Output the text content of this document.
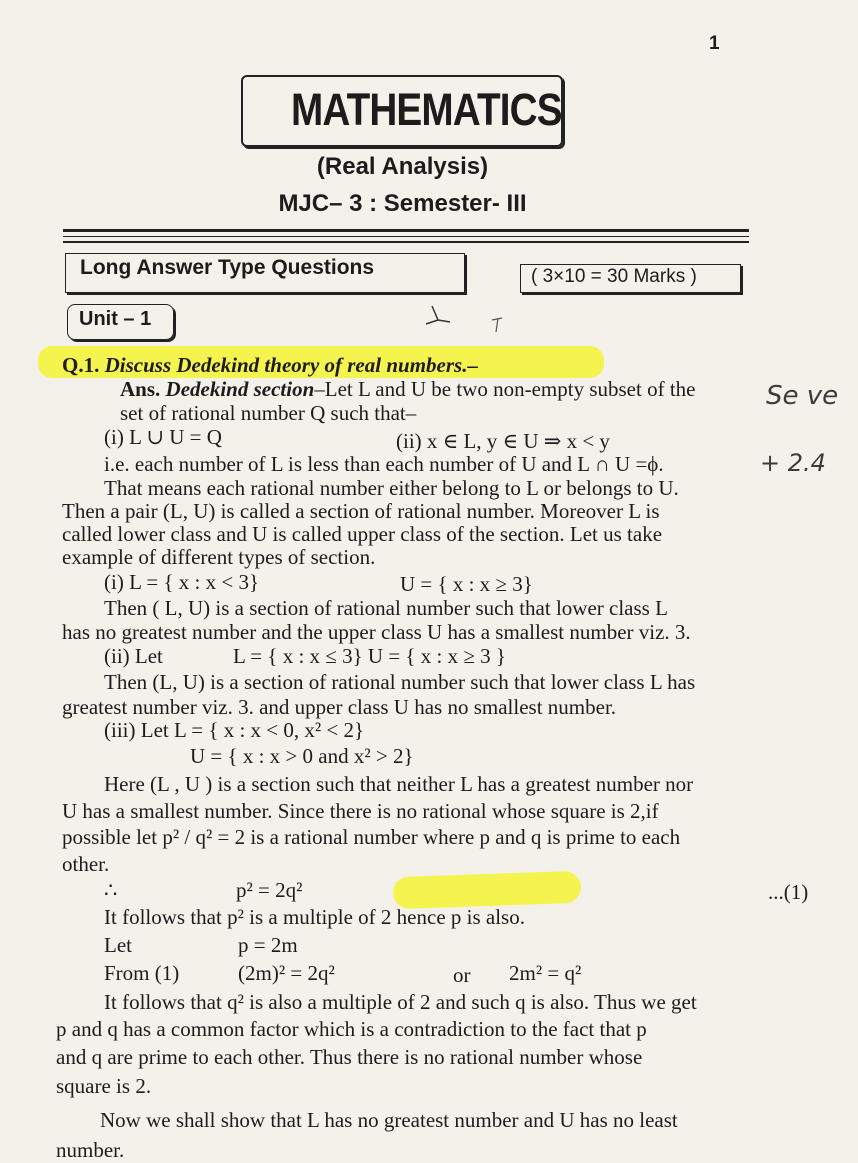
1
MATHEMATICS
(Real Analysis)
MJC– 3 : Semester- III
Long Answer Type Questions	( 3×10 = 30 Marks )
Unit – 1
Se ve
+ 2.4
Q.1. Discuss Dedekind theory of real numbers.–
Ans. Dedekind section–Let L and U be two non-empty subset of the
set of rational number Q such that–
(i) L ∪ U = Q	(ii) x ∈ L, y ∈ U ⇒ x < y
i.e. each number of L is less than each number of U and L ∩ U =ϕ.
That means each rational number either belong to L or belongs to U.
Then a pair (L, U) is called a section of rational number. Moreover L is
called lower class and U is called upper class of the section. Let us take
example of different types of section.
(i) L = { x : x < 3}	U = { x : x ≥ 3}
Then ( L, U) is a section of rational number such that lower class L
has no greatest number and the upper class U has a smallest number viz. 3.
(ii) Let	L = { x : x ≤ 3} U = { x : x ≥ 3 }
Then (L, U) is a section of rational number such that lower class L has
greatest number viz. 3. and upper class U has no smallest number.
(iii) Let L = { x : x < 0, x² < 2}
U = { x : x > 0 and x² > 2}
Here (L , U ) is a section such that neither L has a greatest number nor
U has a smallest number. Since there is no rational whose square is 2,if
possible let p² / q² = 2 is a rational number where p and q is prime to each
other.
∴	p² = 2q²	...(1)
It follows that p² is a multiple of 2 hence p is also.
Let	p = 2m
From (1)	(2m)² = 2q²	or 2m² = q²
It follows that q² is also a multiple of 2 and such q is also. Thus we get
p and q has a common factor which is a contradiction to the fact that p
and q are prime to each other. Thus there is no rational number whose
square is 2.
Now we shall show that L has no greatest number and U has no least
number.
